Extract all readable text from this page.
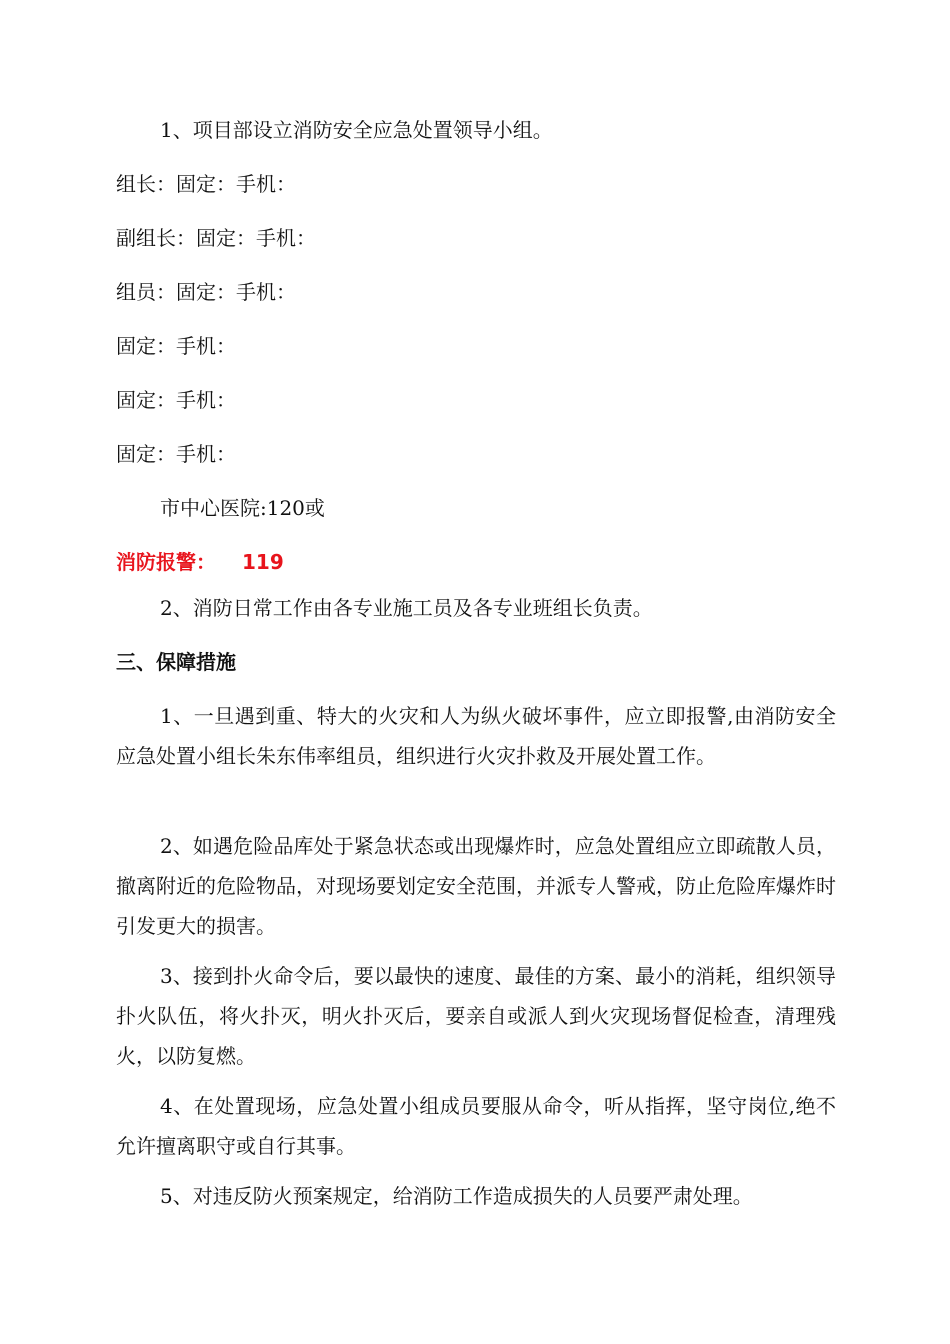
1、项目部设立消防安全应急处置领导小组。
组长：固定：手机：
副组长：固定：手机：
组员：固定：手机：
固定：手机：
固定：手机：
固定：手机：
市中心医院:120或
消防报警： 119
2、消防日常工作由各专业施工员及各专业班组长负责。
三、保障措施
1、一旦遇到重、特大的火灾和人为纵火破坏事件，应立即报警,由消防安全应急处置小组长朱东伟率组员，组织进行火灾扑救及开展处置工作。
2、如遇危险品库处于紧急状态或出现爆炸时，应急处置组应立即疏散人员，撤离附近的危险物品，对现场要划定安全范围，并派专人警戒，防止危险库爆炸时引发更大的损害。
3、接到扑火命令后，要以最快的速度、最佳的方案、最小的消耗，组织领导扑火队伍，将火扑灭，明火扑灭后，要亲自或派人到火灾现场督促检查，清理残火，以防复燃。
4、在处置现场，应急处置小组成员要服从命令，听从指挥，坚守岗位,绝不允许擅离职守或自行其事。
5、对违反防火预案规定，给消防工作造成损失的人员要严肃处理。
